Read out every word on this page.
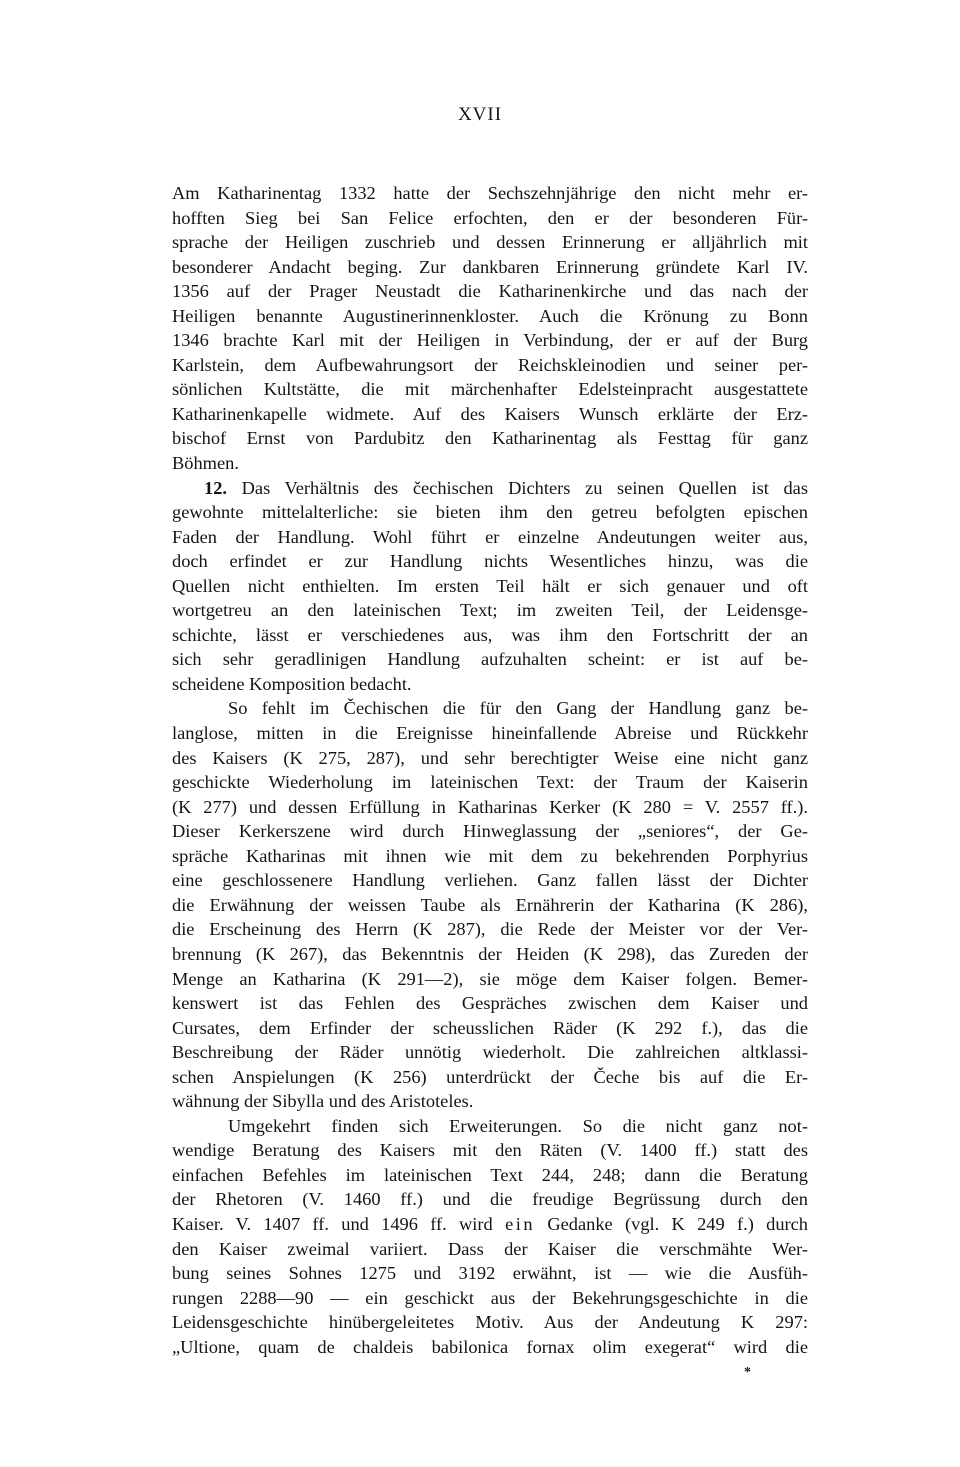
XVII
Am Katharinentag 1332 hatte der Sechszehnjährige den nicht mehr er-
hofften Sieg bei San Felice erfochten, den er der besonderen Für-
sprache der Heiligen zuschrieb und dessen Erinnerung er alljährlich mit
besonderer Andacht beging. Zur dankbaren Erinnerung gründete Karl IV.
1356 auf der Prager Neustadt die Katharinenkirche und das nach der
Heiligen benannte Augustinerinnenkloster. Auch die Krönung zu Bonn
1346 brachte Karl mit der Heiligen in Verbindung, der er auf der Burg
Karlstein, dem Aufbewahrungsort der Reichskleinodien und seiner per-
sönlichen Kultstätte, die mit märchenhafter Edelsteinpracht ausgestattete
Katharinenkapelle widmete. Auf des Kaisers Wunsch erklärte der Erz-
bischof Ernst von Pardubitz den Katharinentag als Festtag für ganz
Böhmen.
12. Das Verhältnis des čechischen Dichters zu seinen Quellen ist das
gewohnte mittelalterliche: sie bieten ihm den getreu befolgten epischen
Faden der Handlung. Wohl führt er einzelne Andeutungen weiter aus,
doch erfindet er zur Handlung nichts Wesentliches hinzu, was die
Quellen nicht enthielten. Im ersten Teil hält er sich genauer und oft
wortgetreu an den lateinischen Text; im zweiten Teil, der Leidensge-
schichte, lässt er verschiedenes aus, was ihm den Fortschritt der an
sich sehr geradlinigen Handlung aufzuhalten scheint: er ist auf be-
scheidene Komposition bedacht.
So fehlt im Čechischen die für den Gang der Handlung ganz be-
langlose, mitten in die Ereignisse hineinfallende Abreise und Rückkehr
des Kaisers (K 275, 287), und sehr berechtigter Weise eine nicht ganz
geschickte Wiederholung im lateinischen Text: der Traum der Kaiserin
(K 277) und dessen Erfüllung in Katharinas Kerker (K 280 = V. 2557 ff.).
Dieser Kerkerszene wird durch Hinweglassung der „seniores“, der Ge-
spräche Katharinas mit ihnen wie mit dem zu bekehrenden Porphyrius
eine geschlossenere Handlung verliehen. Ganz fallen lässt der Dichter
die Erwähnung der weissen Taube als Ernährerin der Katharina (K 286),
die Erscheinung des Herrn (K 287), die Rede der Meister vor der Ver-
brennung (K 267), das Bekenntnis der Heiden (K 298), das Zureden der
Menge an Katharina (K 291—2), sie möge dem Kaiser folgen. Bemer-
kenswert ist das Fehlen des Gespräches zwischen dem Kaiser und
Cursates, dem Erfinder der scheusslichen Räder (K 292 f.), das die
Beschreibung der Räder unnötig wiederholt. Die zahlreichen altklassi-
schen Anspielungen (K 256) unterdrückt der Čeche bis auf die Er-
wähnung der Sibylla und des Aristoteles.
Umgekehrt finden sich Erweiterungen. So die nicht ganz not-
wendige Beratung des Kaisers mit den Räten (V. 1400 ff.) statt des
einfachen Befehles im lateinischen Text 244, 248; dann die Beratung
der Rhetoren (V. 1460 ff.) und die freudige Begrüssung durch den
Kaiser. V. 1407 ff. und 1496 ff. wird ein Gedanke (vgl. K 249 f.) durch
den Kaiser zweimal variiert. Dass der Kaiser die verschmähte Wer-
bung seines Sohnes 1275 und 3192 erwähnt, ist — wie die Ausfüh-
rungen 2288—90 — ein geschickt aus der Bekehrungsgeschichte in die
Leidensgeschichte hinübergeleitetes Motiv. Aus der Andeutung K 297:
„Ultione, quam de chaldeis babilonica fornax olim exegerat“ wird die
*
